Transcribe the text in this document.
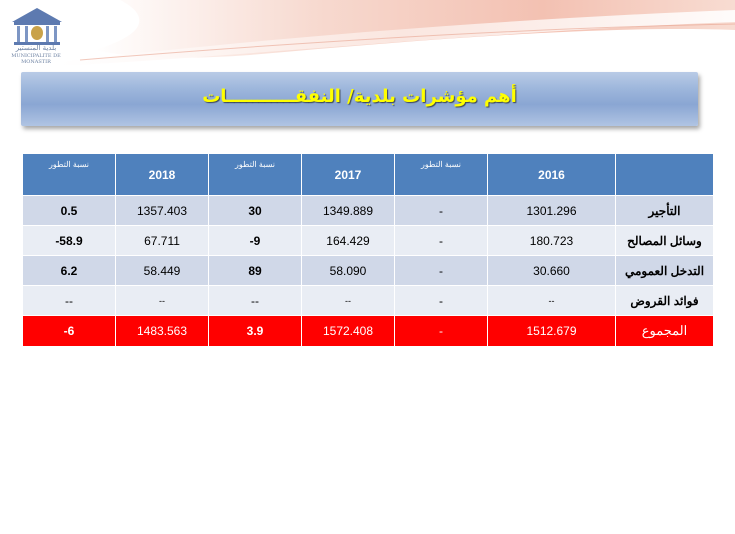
بلدية المنستير
MUNICIPALITE DE MONASTIR
أهم مؤشرات بلدية/ النفقـــــــــــات
نسبة التطور	2018	نسبة التطور	2017	نسبة التطور	2016	
0.5	1357.403	30	1349.889	-	1301.296	التأجير
-58.9	67.711	-9	164.429	-	180.723	وسائل المصالح
6.2	58.449	89	58.090	-	30.660	التدخل العمومي
--	--	--	--	-	--	فوائد القروض
-6	1483.563	3.9	1572.408	-	1512.679	المجموع
